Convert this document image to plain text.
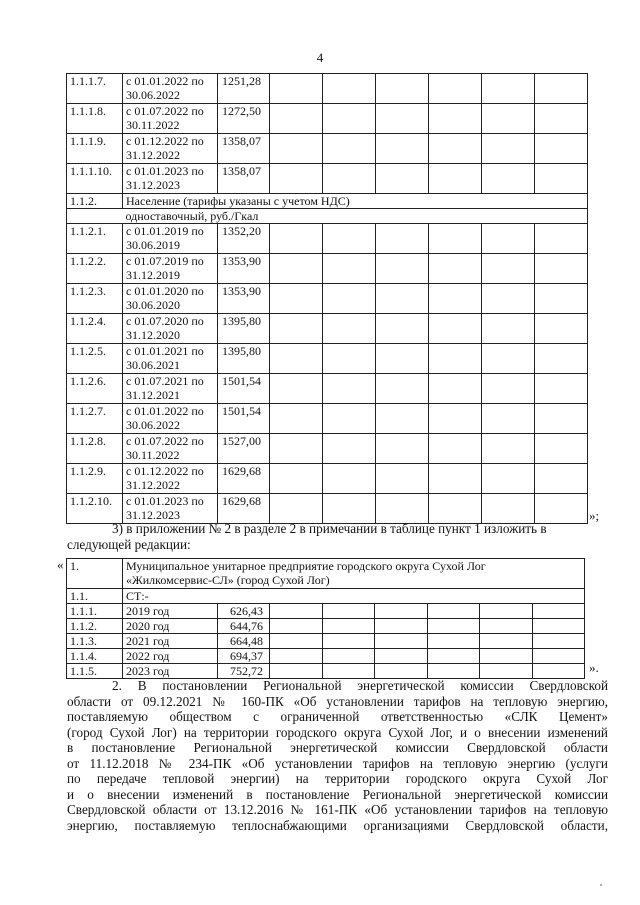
4
1.1.1.7.	с 01.01.2022 по
30.06.2022	1251,28						
1.1.1.8.	с 01.07.2022 по
30.11.2022	1272,50						
1.1.1.9.	с 01.12.2022 по
31.12.2022	1358,07						
1.1.1.10.	с 01.01.2023 по
31.12.2023	1358,07						
1.1.2.	Население (тарифы указаны с учетом НДС)							
	одноставочный, руб./Гкал							
1.1.2.1.	с 01.01.2019 по
30.06.2019	1352,20						
1.1.2.2.	с 01.07.2019 по
31.12.2019	1353,90						
1.1.2.3.	с 01.01.2020 по
30.06.2020	1353,90						
1.1.2.4.	с 01.07.2020 по
31.12.2020	1395,80						
1.1.2.5.	с 01.01.2021 по
30.06.2021	1395,80						
1.1.2.6.	с 01.07.2021 по
31.12.2021	1501,54						
1.1.2.7.	с 01.01.2022 по
30.06.2022	1501,54						
1.1.2.8.	с 01.07.2022 по
30.11.2022	1527,00						
1.1.2.9.	с 01.12.2022 по
31.12.2022	1629,68						
1.1.2.10.	с 01.01.2023 по
31.12.2023	1629,68						
»;
3) в приложении № 2 в разделе 2 в примечании в таблице пункт 1 изложить в
следующей редакции:
« 1.	Муниципальное унитарное предприятие городского округа Сухой Лог
«Жилкомсервис-СЛ» (город Сухой Лог)							

1.1.	СТ:-							
1.1.1.	2019 год	626,43						
1.1.2.	2020 год	644,76						
1.1.3.	2021 год	664,48						
1.1.4.	2022 год	694,37						
1.1.5.	2023 год	752,72							».
2. В постановлении Региональной энергетической комиссии Свердловской
области от 09.12.2021 № 160-ПК «Об установлении тарифов на тепловую энергию,
поставляемую обществом с ограниченной ответственностью «СЛК Цемент»
(город Сухой Лог) на территории городского округа Сухой Лог, и о внесении изменений
в постановление Региональной энергетической комиссии Свердловской области
от 11.12.2018 № 234-ПК «Об установлении тарифов на тепловую энергию (услуги
по передаче тепловой энергии) на территории городского округа Сухой Лог
и о внесении изменений в постановление Региональной энергетической комиссии
Свердловской области от 13.12.2016 № 161-ПК «Об установлении тарифов на тепловую
энергию, поставляемую теплоснабжающими организациями Свердловской области,
